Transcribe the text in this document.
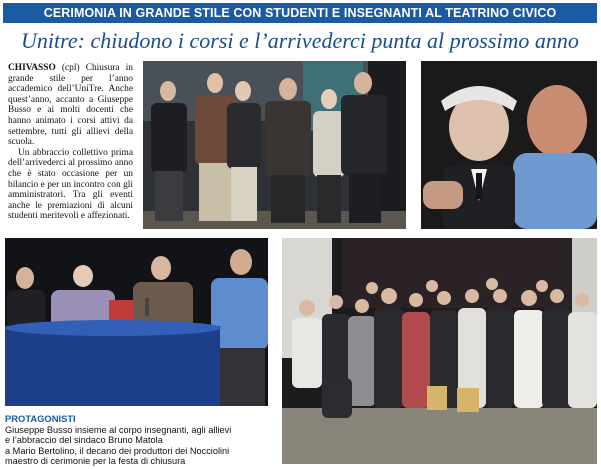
CERIMONIA IN GRANDE STILE CON STUDENTI E INSEGNANTI AL TEATRINO CIVICO
Unitre: chiudono i corsi e l’arrivederci punta al prossimo anno

CHIVASSO (cpl) Chiusura in grande stile per l’anno accademico dell’UniTre. Anche quest’anno, accanto a Giuseppe Busso e ai molti docenti che hanno animato i corsi attivi da settembre, tutti gli allievi della scuola.

Un abbraccio collettivo prima dell’arrivederci al prossimo anno che è stato occasione per un bilancio e per un incontro con gli amministratori. Tra gli eventi anche le premiazioni di alcuni studenti meritevoli e affezionati.

PROTAGONISTI
Giuseppe Busso insieme al corpo insegnanti, agli allievi
e l’abbraccio del sindaco Bruno Matola
a Mario Bertolino, il decano dei produttori dei Nocciolini
maestro di cerimonie per la festa di chiusura
